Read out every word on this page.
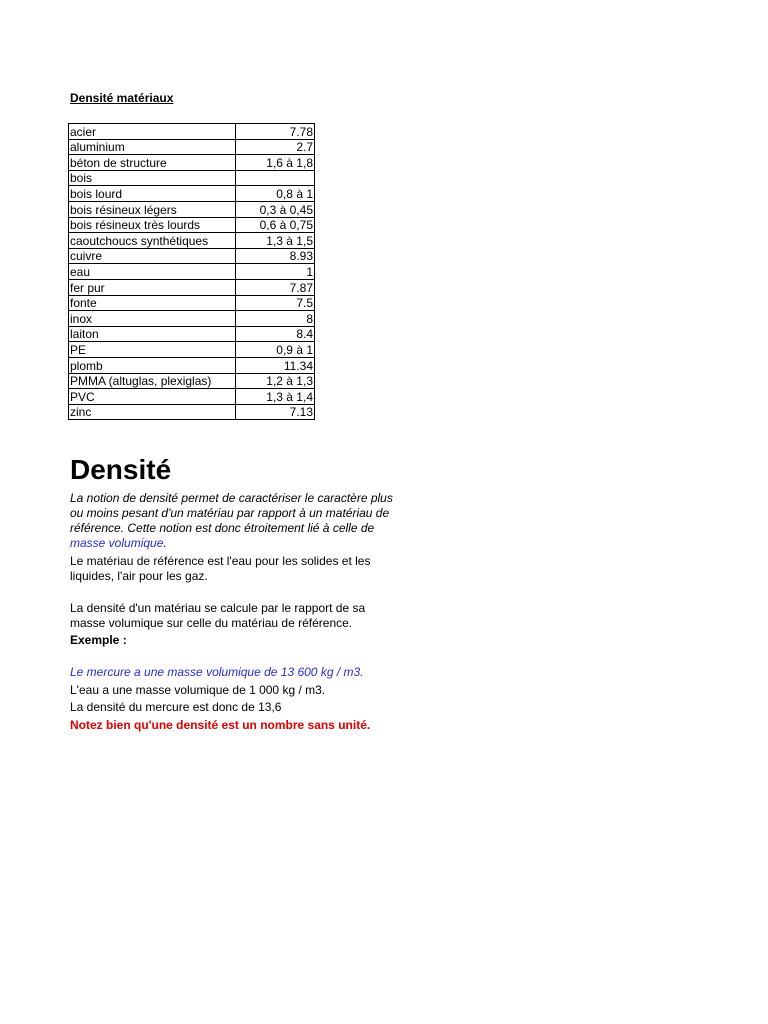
Densité matériaux

acier	7.78
aluminium	2.7
béton de structure	1,6 à 1,8
bois	
bois lourd	0,8 à 1
bois résineux légers	0,3 à 0,45
bois résineux très lourds	0,6 à 0,75
caoutchoucs synthétiques	1,3 à 1,5
cuivre	8.93
eau	1
fer pur	7.87
fonte	7.5
inox	8
laiton	8.4
PE	0,9 à 1
plomb	11.34
PMMA (altuglas, plexiglas)	1,2 à 1,3
PVC	1,3 à 1,4
zinc	7.13
Densité

La notion de densité permet de caractériser le caractère plus ou moins pesant d'un matériau par rapport à un matériau de référence. Cette notion est donc étroitement lié à celle de masse volumique.

Le matériau de référence est l'eau pour les solides et les liquides, l'air pour les gaz.

La densité d'un matériau se calcule par le rapport de sa masse volumique sur celle du matériau de référence.

Exemple :

Le mercure a une masse volumique de 13 600 kg / m3.

L'eau a une masse volumique de 1 000 kg / m3.

La densité du mercure est donc de 13,6

Notez bien qu'une densité est un nombre sans unité.
